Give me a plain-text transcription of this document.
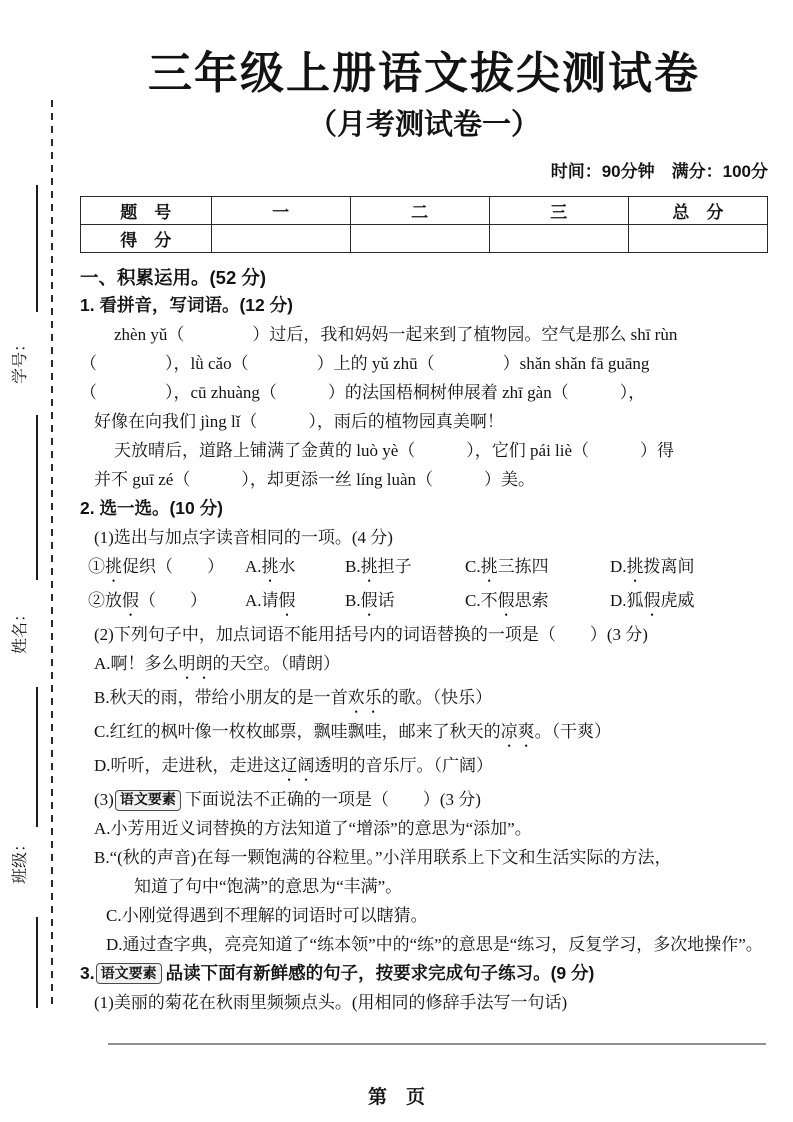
学号：
姓名：
班级：
三年级上册语文拔尖测试卷
（月考测试卷一）
时间：90分钟　满分：100分
题　号	一	二	三	总　分
得　分				
一、积累运用。(52 分)
1. 看拼音，写词语。(12 分)
zhèn yǔ（　　　　）过后，我和妈妈一起来到了植物园。空气是那么 shī rùn
（　　　　），lǜ cǎo（　　　　）上的 yǔ zhū（　　　　）shǎn shǎn fā guāng
（　　　　），cū zhuàng（　　　）的法国梧桐树伸展着 zhī gàn（　　　），
好像在向我们 jìng lǐ（　　　），雨后的植物园真美啊！
天放晴后，道路上铺满了金黄的 luò yè（　　　），它们 pái liè（　　　）得
并不 guī zé（　　　），却更添一丝 líng luàn（　　　）美。
2. 选一选。(10 分)
(1)选出与加点字读音相同的一项。(4 分)
①挑促织（　　）	A.挑水	B.挑担子	C.挑三拣四	D.挑拨离间
②放假（　　）	A.请假	B.假话	C.不假思索	D.狐假虎威
(2)下列句子中，加点词语不能用括号内的词语替换的一项是（　　）(3 分)
A.啊！多么明朗的天空。（晴朗）
B.秋天的雨，带给小朋友的是一首欢乐的歌。（快乐）
C.红红的枫叶像一枚枚邮票，飘哇飘哇，邮来了秋天的凉爽。（干爽）
D.听听，走进秋，走进这辽阔透明的音乐厅。（广阔）
(3) 语文要素 下面说法不正确的一项是（　　）(3 分)
A.小芳用近义词替换的方法知道了“增添”的意思为“添加”。
B.“(秋的声音)在每一颗饱满的谷粒里。”小洋用联系上下文和生活实际的方法，
知道了句中“饱满”的意思为“丰满”。
C.小刚觉得遇到不理解的词语时可以瞎猜。
D.通过查字典，亮亮知道了“练本领”中的“练”的意思是“练习，反复学习，多次地操作”。
3. 语文要素 品读下面有新鲜感的句子，按要求完成句子练习。(9 分)
(1)美丽的菊花在秋雨里频频点头。(用相同的修辞手法写一句话)
第　页
